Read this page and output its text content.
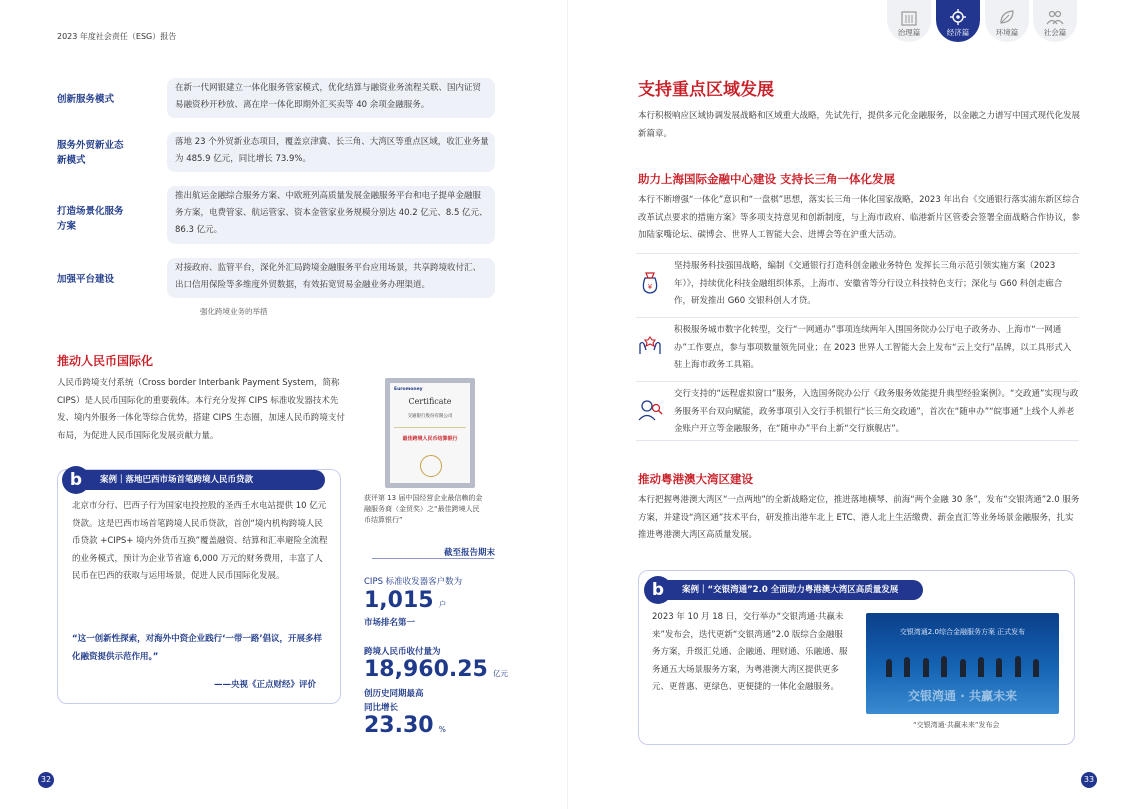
2023 年度社会责任（ESG）报告
创新服务模式
在新一代网银建立一体化服务管家模式，优化结算与融资业务流程关联、国内证贸易融资秒开秒放、离在岸一体化即期外汇买卖等 40 余项金融服务。
服务外贸新业态新模式
落地 23 个外贸新业态项目，覆盖京津冀、长三角、大湾区等重点区域，收汇业务量为 485.9 亿元，同比增长 73.9%。
打造场景化服务方案
推出航运金融综合服务方案、中欧班列高质量发展金融服务平台和电子提单金融服务方案，电费管家、航运管家、资本金管家业务规模分别达 40.2 亿元、8.5 亿元、86.3 亿元。
加强平台建设
对接政府、监管平台，深化外汇局跨境金融服务平台应用场景，共享跨境收付汇、出口信用保险等多维度外贸数据，有效拓宽贸易金融业务办理渠道。
强化跨境业务的举措
推动人民币国际化
人民币跨境支付系统（Cross border Interbank Payment System，简称 CIPS）是人民币国际化的重要载体。本行充分发挥 CIPS 标准收发器技术先发、境内外服务一体化等综合优势，搭建 CIPS 生态圈，加速人民币跨境支付布局，为促进人民币国际化发展贡献力量。
Euromoney
Certificate
交通银行股份有限公司
最佳跨境人民币结算银行
获评第 13 届中国经营企业最信赖的金融服务商（金贸奖）之“最佳跨境人民币结算银行”
案例｜落地巴西市场首笔跨境人民币贷款
b
北京市分行、巴西子行为国家电投控股的圣西壬水电站提供 10 亿元贷款。这是巴西市场首笔跨境人民币贷款，首创“境内机构跨境人民币贷款 +CIPS+ 境内外货币互换”覆盖融资、结算和汇率避险全流程的业务模式，预计为企业节省逾 6,000 万元的财务费用，丰富了人民币在巴西的获取与运用场景，促进人民币国际化发展。
“这一创新性探索，对海外中资企业践行‘一带一路’倡议，开展多样化融资提供示范作用。”
——央视《正点财经》评价
截至报告期末
CIPS 标准收发器客户数为
1,015 户
市场排名第一
跨境人民币收付量为
18,960.25 亿元
创历史同期最高
同比增长
23.30 %
32
治理篇	经济篇	环境篇	社会篇
支持重点区域发展
本行积极响应区域协调发展战略和区域重大战略，先试先行，提供多元化金融服务，以金融之力谱写中国式现代化发展新篇章。
助力上海国际金融中心建设 支持长三角一体化发展
本行不断增强“一体化”意识和“一盘棋”思想，落实长三角一体化国家战略，2023 年出台《交通银行落实浦东新区综合改革试点要求的措施方案》等多项支持意见和创新制度，与上海市政府、临港新片区管委会签署全面战略合作协议，参加陆家嘴论坛、碳博会、世界人工智能大会、进博会等在沪重大活动。
¥
坚持服务科技强国战略，编制《交通银行打造科创金融业务特色 发挥长三角示范引领实施方案（2023 年）》，持续优化科技金融组织体系，上海市、安徽省等分行设立科技特色支行；深化与 G60 科创走廊合作，研发推出 G60 交银科创人才贷。
积极服务城市数字化转型，交行“一网通办”事项连续两年入围国务院办公厅电子政务办、上海市“一网通办”工作要点，参与事项数量领先同业；在 2023 世界人工智能大会上发布“云上交行”品牌，以工具形式入驻上海市政务工具箱。
交行支持的“远程虚拟窗口”服务，入选国务院办公厅《政务服务效能提升典型经验案例》。“交政通”实现与政务服务平台双向赋能，政务事项引入交行手机银行“长三角交政通”，首次在“随申办”“皖事通”上线个人养老金账户开立等金融服务，在“随申办”平台上新“交行旗舰店”。
推动粤港澳大湾区建设
本行把握粤港澳大湾区“一点两地”的全新战略定位，推进落地横琴、前海“两个金融 30 条”，发布“交银湾通”2.0 服务方案，并建设“湾区通”技术平台，研发推出港车北上 ETC、港人北上生活缴费、薪金直汇等业务场景金融服务，扎实推进粤港澳大湾区高质量发展。
案例｜“交银湾通”2.0 全面助力粤港澳大湾区高质量发展
b
2023 年 10 月 18 日，交行举办“交银湾通·共赢未来”发布会，迭代更新“交银湾通”2.0 版综合金融服务方案，升级汇兑通、企融通、理财通、乐融通、服务通五大场景服务方案，为粤港澳大湾区提供更多元、更普惠、更绿色、更便捷的一体化金融服务。
交银湾通2.0综合金融服务方案 正式发布
交银湾通 · 共赢未来
“交银湾通·共赢未来”发布会
33
